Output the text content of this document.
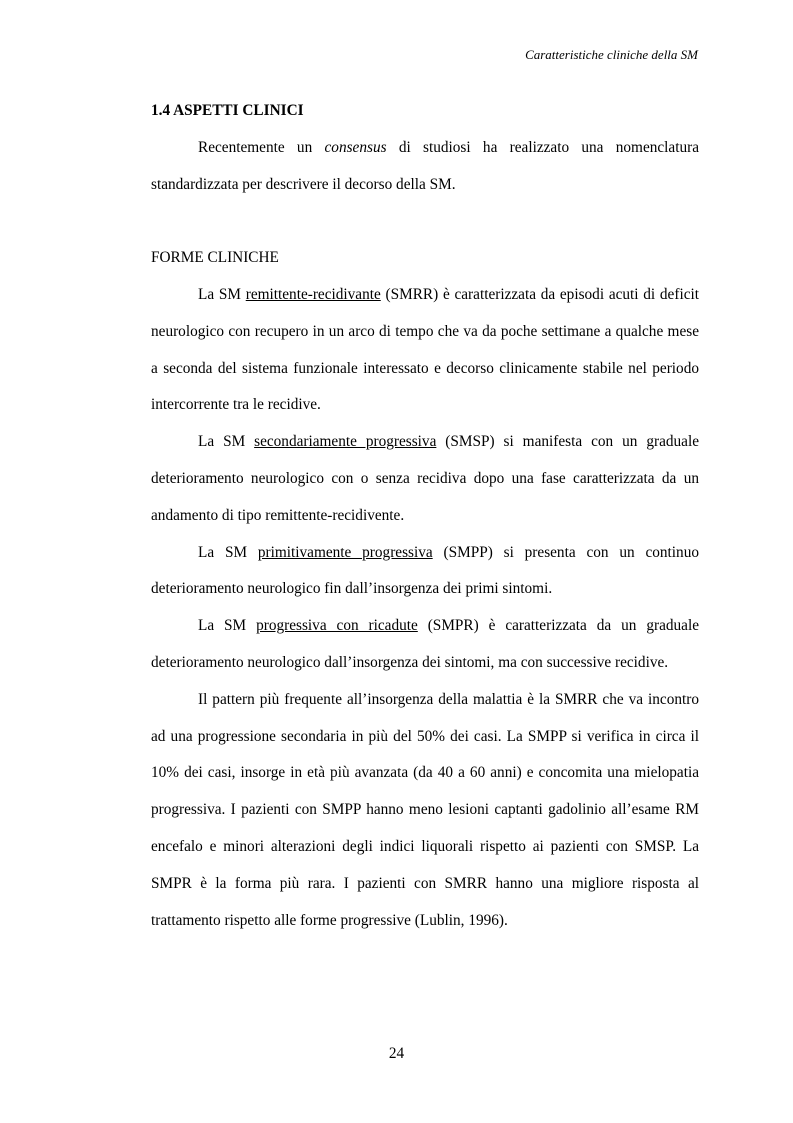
Caratteristiche cliniche della SM

1.4 ASPETTI CLINICI

Recentemente un consensus di studiosi ha realizzato una nomenclatura standardizzata per descrivere il decorso della SM.

FORME CLINICHE

La SM remittente-recidivante (SMRR) è caratterizzata da episodi acuti di deficit neurologico con recupero in un arco di tempo che va da poche settimane a qualche mese a seconda del sistema funzionale interessato e decorso clinicamente stabile nel periodo intercorrente tra le recidive.

La SM secondariamente progressiva (SMSP) si manifesta con un graduale deterioramento neurologico con o senza recidiva dopo una fase caratterizzata da un andamento di tipo remittente-recidivente.

La SM primitivamente progressiva (SMPP) si presenta con un continuo deterioramento neurologico fin dall’insorgenza dei primi sintomi.

La SM progressiva con ricadute (SMPR) è caratterizzata da un graduale deterioramento neurologico dall’insorgenza dei sintomi, ma con successive recidive.

Il pattern più frequente all’insorgenza della malattia è la SMRR che va incontro ad una progressione secondaria in più del 50% dei casi. La SMPP si verifica in circa il 10% dei casi, insorge in età più avanzata (da 40 a 60 anni) e concomita una mielopatia progressiva. I pazienti con SMPP hanno meno lesioni captanti gadolinio all’esame RM encefalo e minori alterazioni degli indici liquorali rispetto ai pazienti con SMSP. La SMPR è la forma più rara. I pazienti con SMRR hanno una migliore risposta al trattamento rispetto alle forme progressive (Lublin, 1996).

24
